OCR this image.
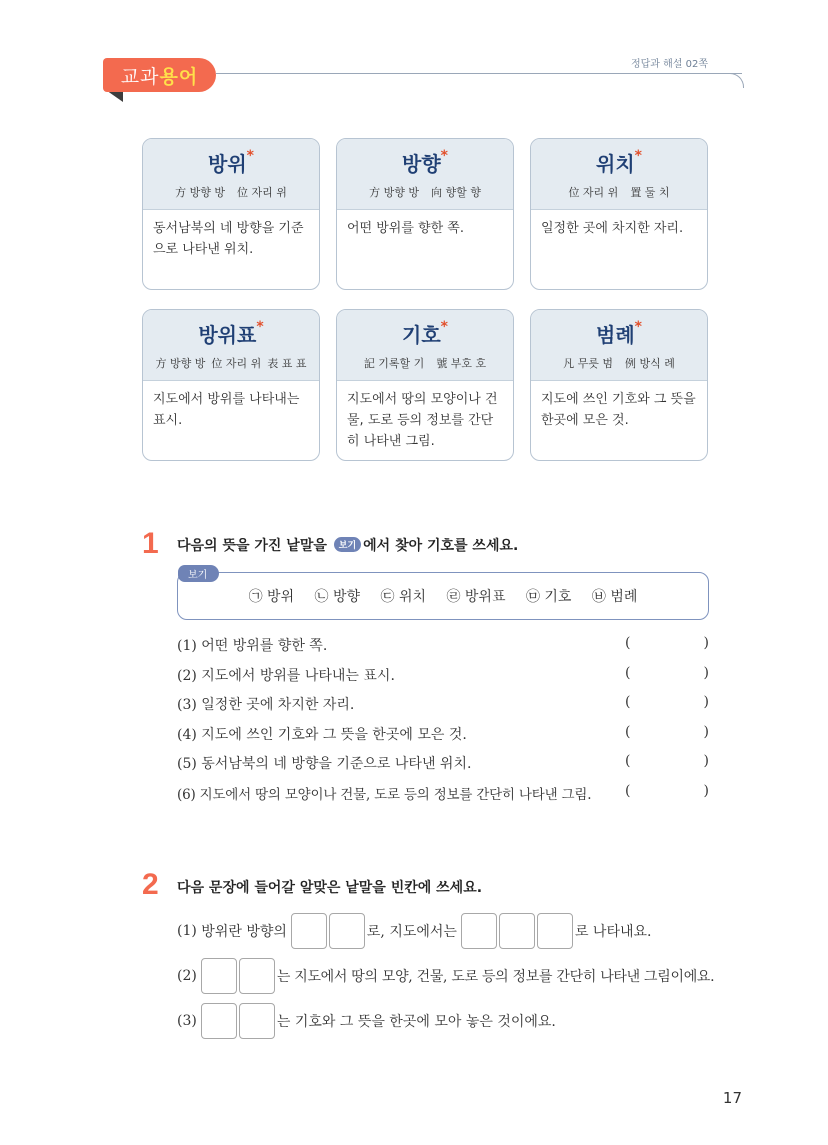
교과 용어
정답과 해설 02쪽
방위*
方 방향 방 位 자리 위
동서남북의 네 방향을 기준으로 나타낸 위치.
방향*
方 방향 방 向 향할 향
어떤 방위를 향한 쪽.
위치*
位 자리 위 置 둘 치
일정한 곳에 차지한 자리.
방위표*
方 방향 방 位 자리 위 表 표 표
지도에서 방위를 나타내는 표시.
기호*
記 기록할 기 號 부호 호
지도에서 땅의 모양이나 건물, 도로 등의 정보를 간단히 나타낸 그림.
범례*
凡 무릇 범 例 방식 례
지도에 쓰인 기호와 그 뜻을 한곳에 모은 것.
1 다음의 뜻을 가진 낱말을 보기 에서 찾아 기호를 쓰세요.
보기
㉠ 방위 ㉡ 방향 ㉢ 위치 ㉣ 방위표 ㉤ 기호 ㉥ 범례
(1) 어떤 방위를 향한 쪽.	(	)
(2) 지도에서 방위를 나타내는 표시.	(	)
(3) 일정한 곳에 차지한 자리.	(	)
(4) 지도에 쓰인 기호와 그 뜻을 한곳에 모은 것.	(	)
(5) 동서남북의 네 방향을 기준으로 나타낸 위치.	(	)
(6) 지도에서 땅의 모양이나 건물, 도로 등의 정보를 간단히 나타낸 그림. (	)
2 다음 문장에 들어갈 알맞은 낱말을 빈칸에 쓰세요.
(1)
방위란 방향의	로, 지도에서는	로 나타내요.
(2)	는 지도에서 땅의 모양, 건물, 도로 등의 정보를 간단히 나타낸 그림이에요.
(3)	는 기호와 그 뜻을 한곳에 모아 놓은 것이에요.
17
